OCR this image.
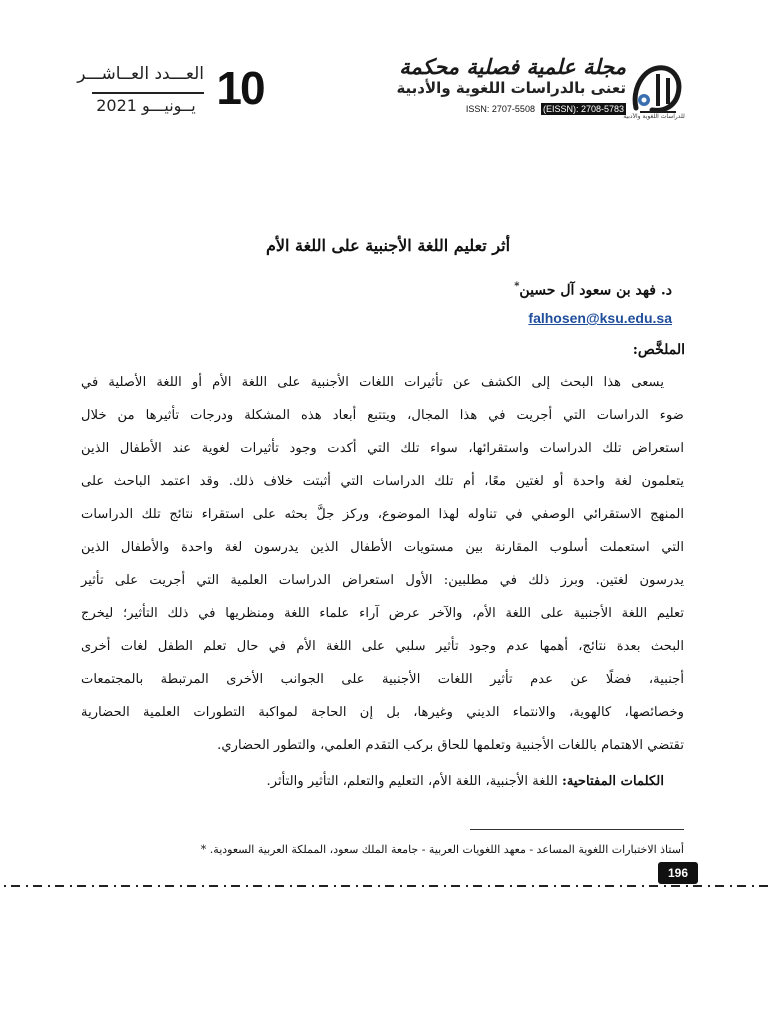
مجلة علمية فصلية محكمة
تعنى بالدراسات اللغوية والأدبية
ISSN: 2707-5508 (EISSN): 2708-5783
للدراسات اللغوية والأدبية
10
العـــدد العــاشـــر
يــونيـــو 2021
أثر تعليم اللغة الأجنبية على اللغة الأم
د. فهد بن سعود آل حسين*
falhosen@ksu.edu.sa
الملخَّص:
يسعى هذا البحث إلى الكشف عن تأثيرات اللغات الأجنبية على اللغة الأم أو اللغة الأصلية في
ضوء الدراسات التي أجريت في هذا المجال، ويتتبع أبعاد هذه المشكلة ودرجات تأثيرها من خلال
استعراض تلك الدراسات واستقرائها، سواء تلك التي أكدت وجود تأثيرات لغوية عند الأطفال الذين
يتعلمون لغة واحدة أو لغتين معًا، أم تلك الدراسات التي أثبتت خلاف ذلك. وقد اعتمد الباحث على
المنهج الاستقرائي الوصفي في تناوله لهذا الموضوع، وركز جلَّ بحثه على استقراء نتائج تلك الدراسات
التي استعملت أسلوب المقارنة بين مستويات الأطفال الذين يدرسون لغة واحدة والأطفال الذين
يدرسون لغتين. وبرز ذلك في مطلبين: الأول استعراض الدراسات العلمية التي أجريت على تأثير
تعليم اللغة الأجنبية على اللغة الأم، والآخر عرض آراء علماء اللغة ومنظريها في ذلك التأثير؛ ليخرج
البحث بعدة نتائج، أهمها عدم وجود تأثير سلبي على اللغة الأم في حال تعلم الطفل لغات أخرى
أجنبية، فضلًا عن عدم تأثير اللغات الأجنبية على الجوانب الأخرى المرتبطة بالمجتمعات
وخصائصها، كالهوية، والانتماء الديني وغيرها، بل إن الحاجة لمواكبة التطورات العلمية الحضارية
تقتضي الاهتمام باللغات الأجنبية وتعلمها للحاق بركب التقدم العلمي، والتطور الحضاري.
الكلمات المفتاحية: اللغة الأجنبية، اللغة الأم، التعليم والتعلم، التأثير والتأثر.
أستاذ الاختبارات اللغوية المساعد - معهد اللغويات العربية - جامعة الملك سعود، المملكة العربية السعودية. *
196
